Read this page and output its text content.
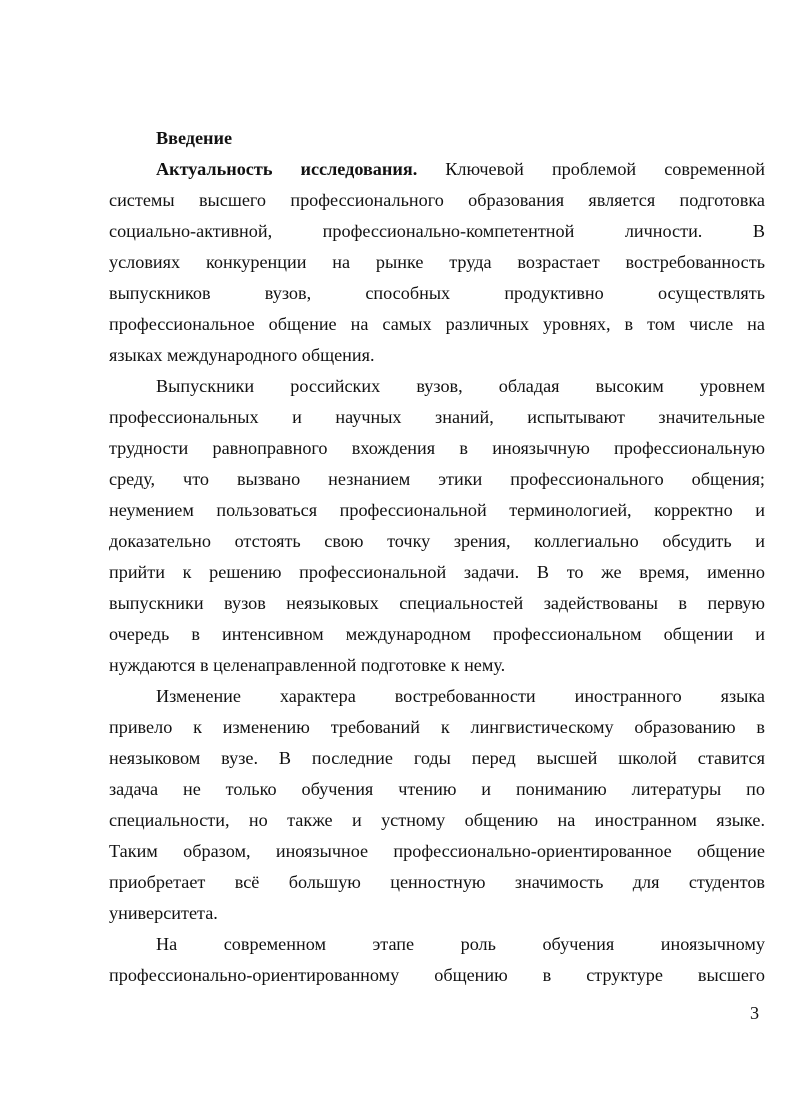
Введение
Актуальность исследования. Ключевой проблемой современной
системы высшего профессионального образования является подготовка
социально-активной, профессионально-компетентной личности. В
условиях конкуренции на рынке труда возрастает востребованность
выпускников вузов, способных продуктивно осуществлять
профессиональное общение на самых различных уровнях, в том числе на
языках международного общения.
Выпускники российских вузов, обладая высоким уровнем
профессиональных и научных знаний, испытывают значительные
трудности равноправного вхождения в иноязычную профессиональную
среду, что вызвано незнанием этики профессионального общения;
неумением пользоваться профессиональной терминологией, корректно и
доказательно отстоять свою точку зрения, коллегиально обсудить и
прийти к решению профессиональной задачи. В то же время, именно
выпускники вузов неязыковых специальностей задействованы в первую
очередь в интенсивном международном профессиональном общении и
нуждаются в целенаправленной подготовке к нему.
Изменение характера востребованности иностранного языка
привело к изменению требований к лингвистическому образованию в
неязыковом вузе. В последние годы перед высшей школой ставится
задача не только обучения чтению и пониманию литературы по
специальности, но также и устному общению на иностранном языке.
Таким образом, иноязычное профессионально-ориентированное общение
приобретает всё большую ценностную значимость для студентов
университета.
На современном этапе роль обучения иноязычному
профессионально-ориентированному общению в структуре высшего
3
